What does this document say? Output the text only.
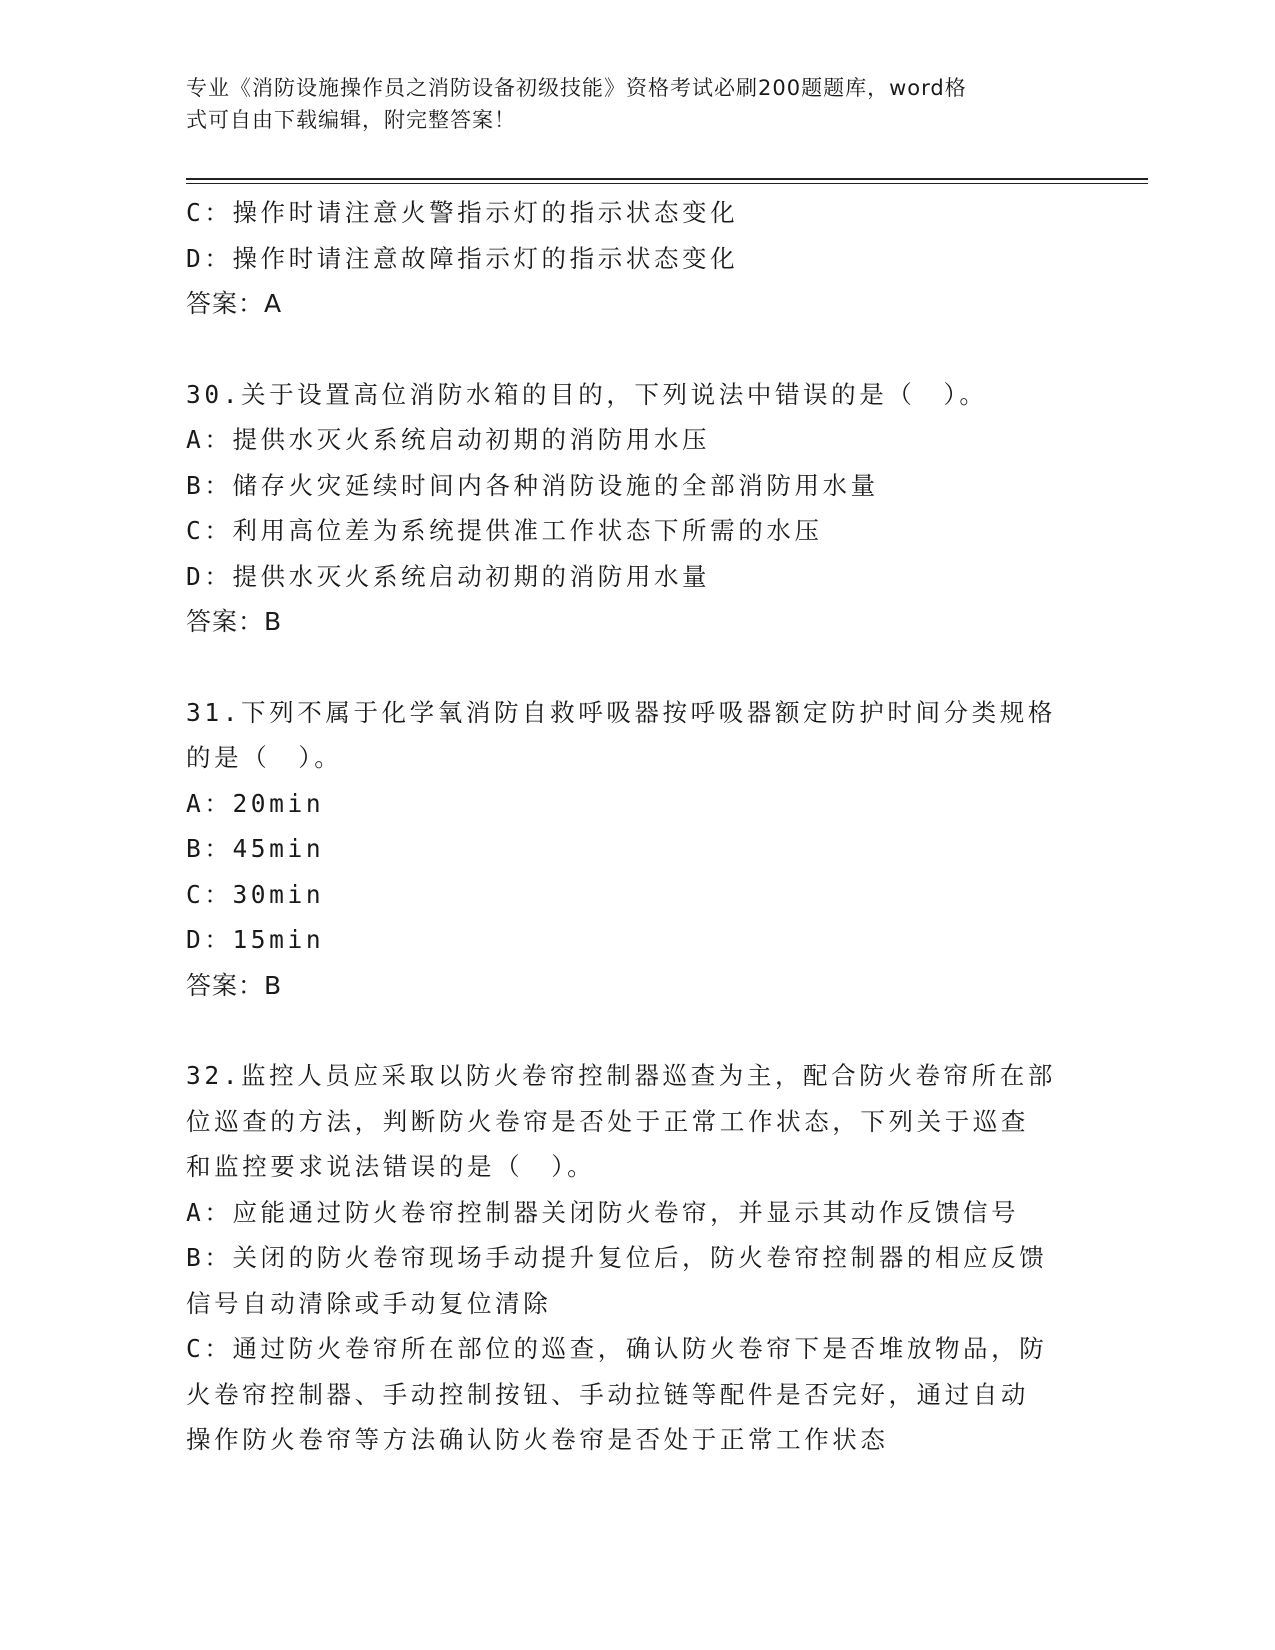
专业《消防设施操作员之消防设备初级技能》资格考试必刷200题题库，word格
式可自由下载编辑，附完整答案！
C：操作时请注意火警指示灯的指示状态变化
D：操作时请注意故障指示灯的指示状态变化
答案：A
30.关于设置高位消防水箱的目的，下列说法中错误的是（　）。
A：提供水灭火系统启动初期的消防用水压
B：储存火灾延续时间内各种消防设施的全部消防用水量
C：利用高位差为系统提供准工作状态下所需的水压
D：提供水灭火系统启动初期的消防用水量
答案：B
31.下列不属于化学氧消防自救呼吸器按呼吸器额定防护时间分类规格
的是（　）。
A：20min
B：45min
C：30min
D：15min
答案：B
32.监控人员应采取以防火卷帘控制器巡查为主，配合防火卷帘所在部
位巡查的方法，判断防火卷帘是否处于正常工作状态，下列关于巡查
和监控要求说法错误的是（　）。
A：应能通过防火卷帘控制器关闭防火卷帘，并显示其动作反馈信号
B：关闭的防火卷帘现场手动提升复位后，防火卷帘控制器的相应反馈
信号自动清除或手动复位清除
C：通过防火卷帘所在部位的巡查，确认防火卷帘下是否堆放物品，防
火卷帘控制器、手动控制按钮、手动拉链等配件是否完好，通过自动
操作防火卷帘等方法确认防火卷帘是否处于正常工作状态
